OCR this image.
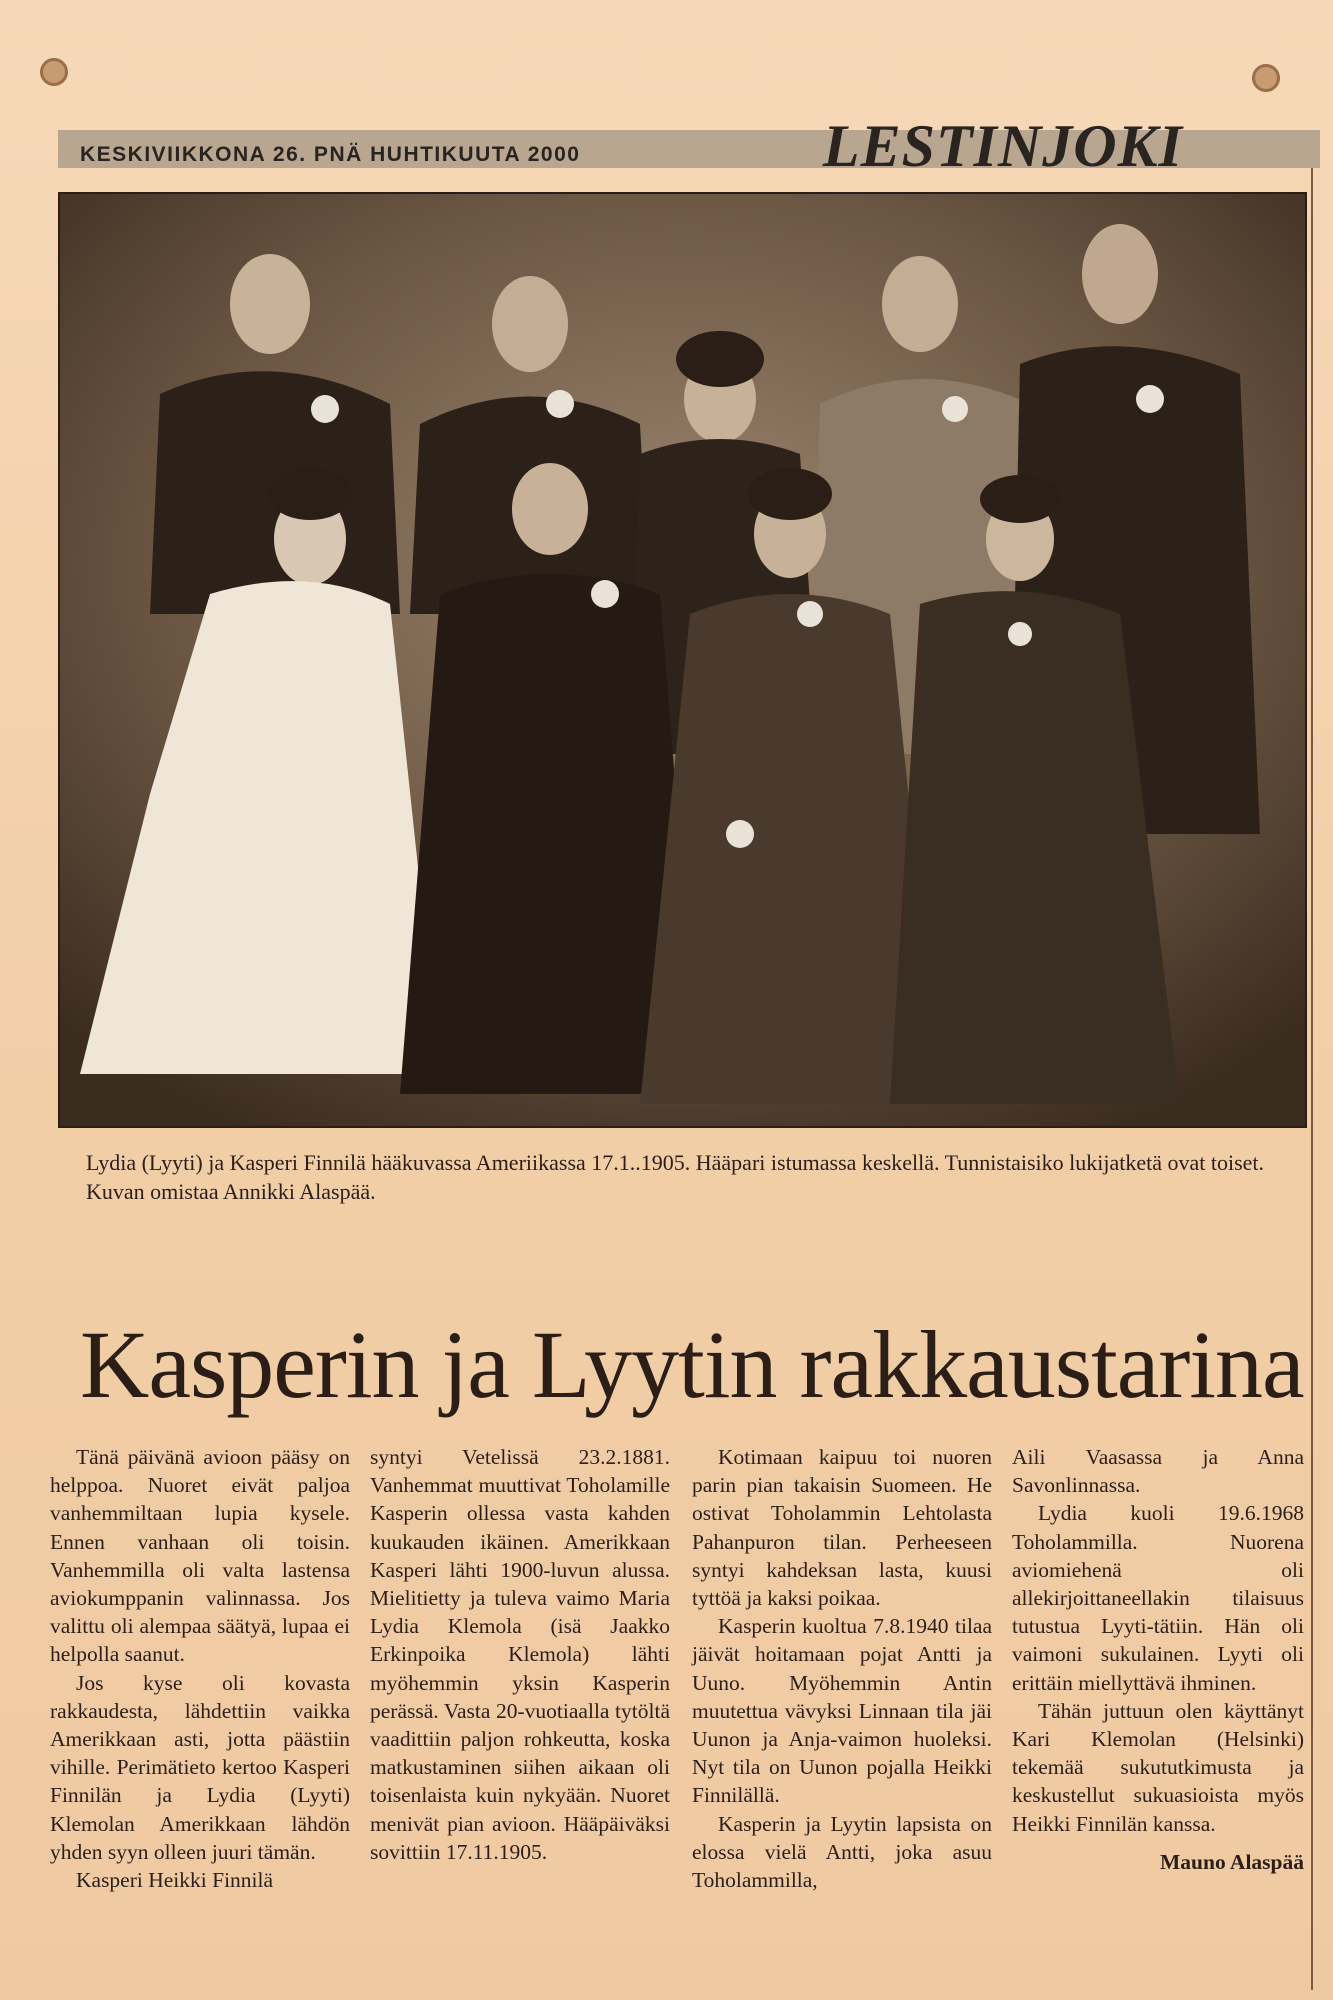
KESKIVIIKKONA 26. PNÄ HUHTIKUUTA 2000	LESTINJOKI
Lydia (Lyyti) ja Kasperi Finnilä hääkuvassa Ameriikassa 17.1..1905. Hääpari istumassa keskellä. Tunnistaisiko lukijatketä ovat toiset. Kuvan omistaa Annikki Alaspää.
Kasperin ja Lyytin rakkaustarina

Tänä päivänä avioon pääsy on helppoa. Nuoret eivät paljoa vanhemmiltaan lupia kysele. Ennen vanhaan oli toisin. Vanhemmilla oli valta lastensa aviokumppanin valinnassa. Jos valittu oli alempaa säätyä, lupaa ei helpolla saanut.

Jos kyse oli kovasta rakkaudesta, lähdettiin vaikka Amerikkaan asti, jotta päästiin vihille. Perimätieto kertoo Kasperi Finnilän ja Lydia (Lyyti) Klemolan Amerikkaan lähdön yhden syyn olleen juuri tämän.

Kasperi Heikki Finnilä

syntyi Vetelissä 23.2.1881. Vanhemmat muuttivat Toholamille Kasperin ollessa vasta kahden kuukauden ikäinen. Amerikkaan Kasperi lähti 1900-luvun alussa. Mielitietty ja tuleva vaimo Maria Lydia Klemola (isä Jaakko Erkinpoika Klemola) lähti myöhemmin yksin Kasperin perässä. Vasta 20-vuotiaalla tytöltä vaadittiin paljon rohkeutta, koska matkustaminen siihen aikaan oli toisenlaista kuin nykyään. Nuoret menivät pian avioon. Hääpäiväksi sovittiin 17.11.1905.

Kotimaan kaipuu toi nuoren parin pian takaisin Suomeen. He ostivat Toholammin Lehtolasta Pahanpuron tilan. Perheeseen syntyi kahdeksan lasta, kuusi tyttöä ja kaksi poikaa.

Kasperin kuoltua 7.8.1940 tilaa jäivät hoitamaan pojat Antti ja Uuno. Myöhemmin Antin muutettua vävyksi Linnaan tila jäi Uunon ja Anja-vaimon huoleksi. Nyt tila on Uunon pojalla Heikki Finnilällä.

Kasperin ja Lyytin lapsista on elossa vielä Antti, joka asuu Toholammilla,

Aili Vaasassa ja Anna Savonlinnassa.

Lydia kuoli 19.6.1968 Toholammilla. Nuorena aviomiehenä oli allekirjoittaneellakin tilaisuus tutustua Lyyti-tätiin. Hän oli vaimoni sukulainen. Lyyti oli erittäin miellyttävä ihminen.

Tähän juttuun olen käyttänyt Kari Klemolan (Helsinki) tekemää sukututkimusta ja keskustellut sukuasioista myös Heikki Finnilän kanssa.

Mauno Alaspää
